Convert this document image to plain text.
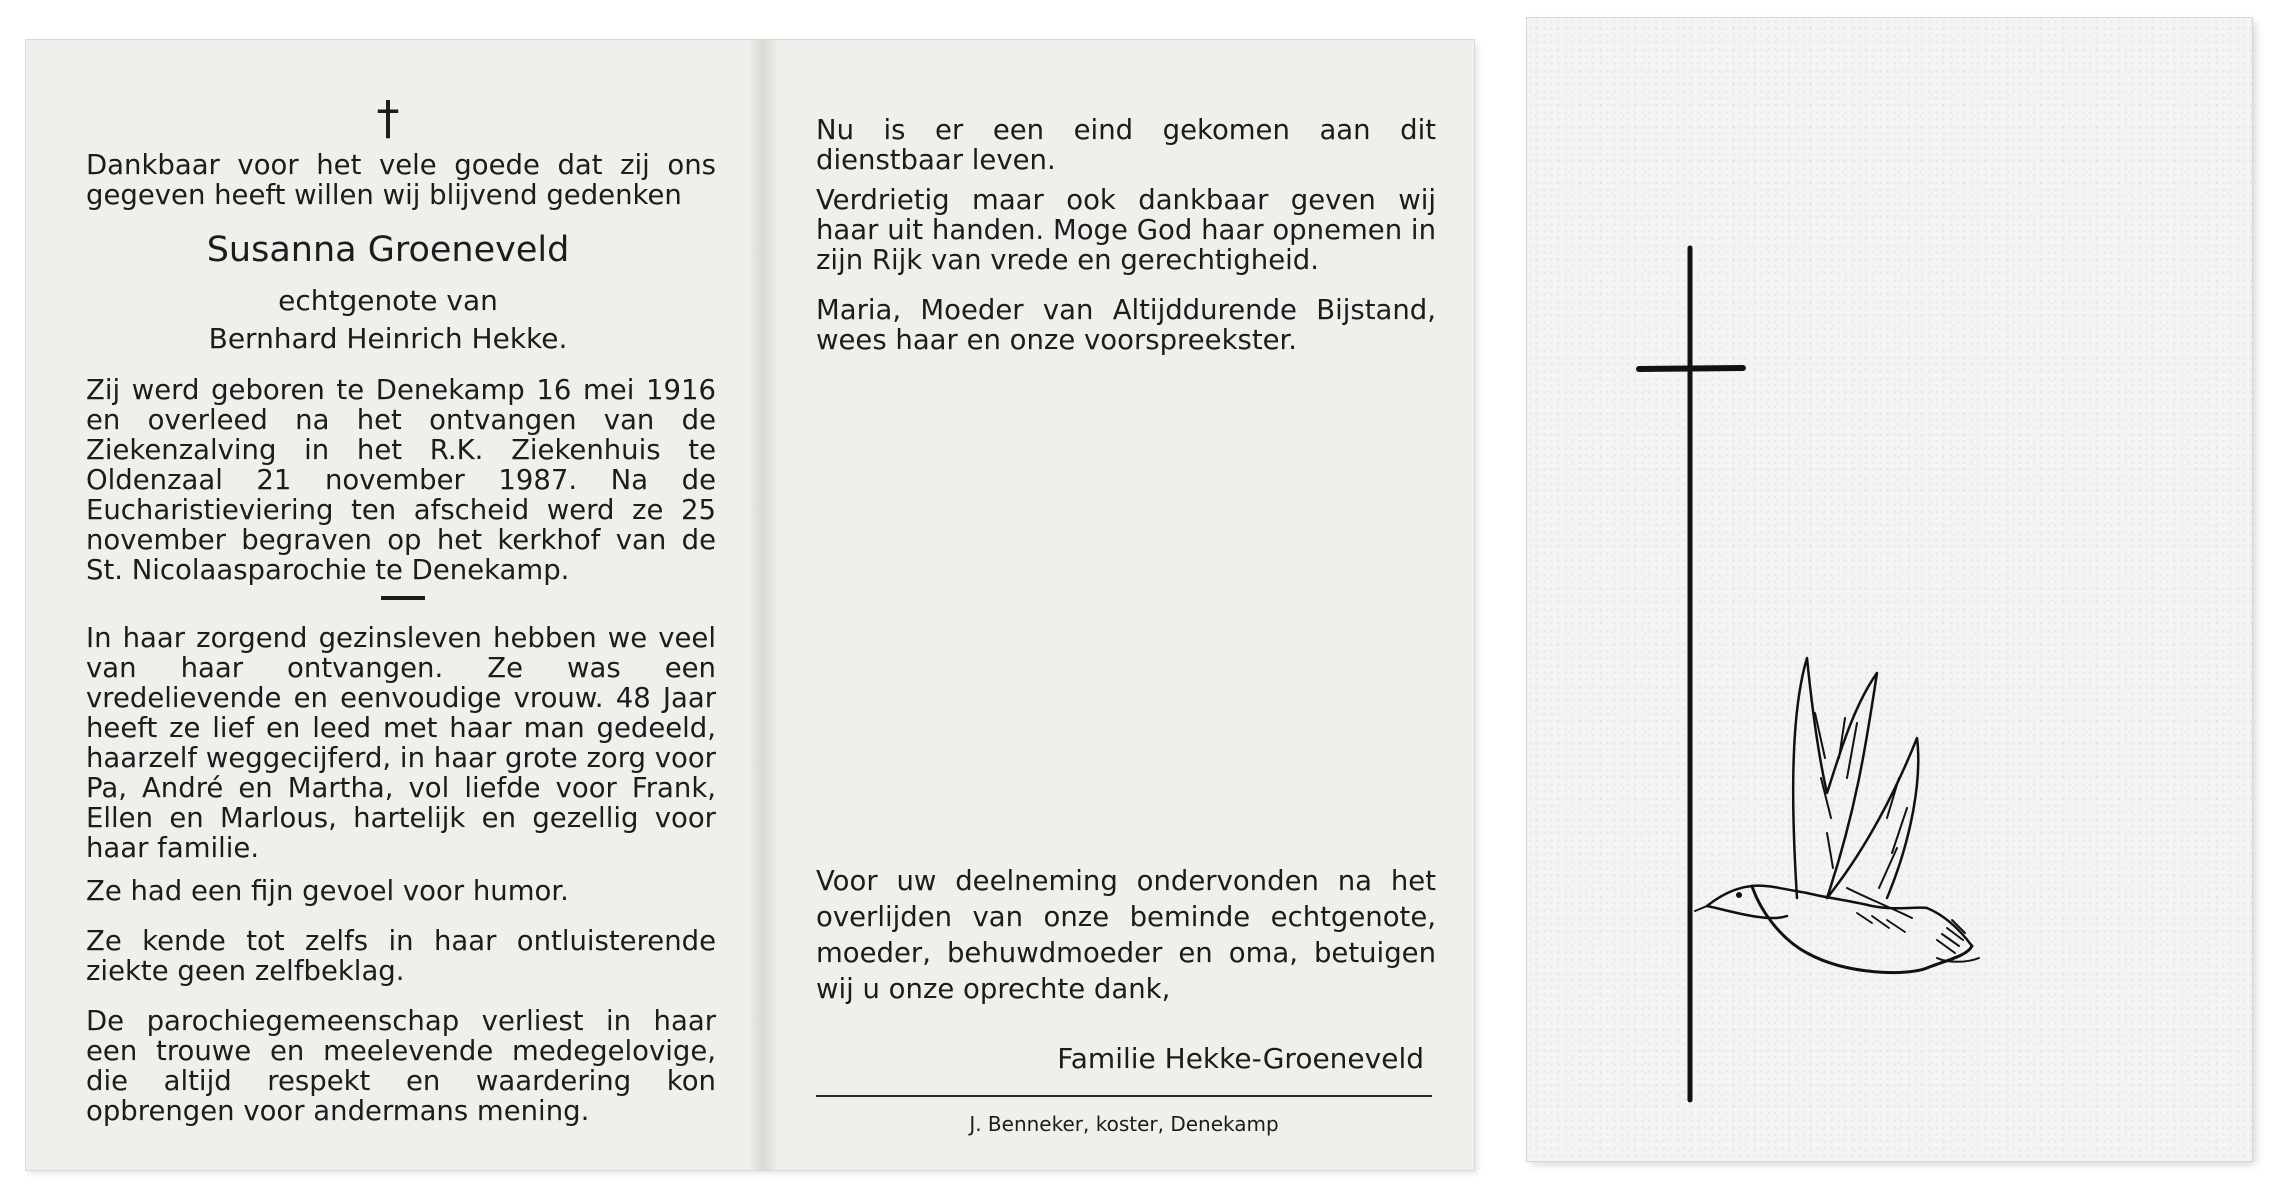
†
Dankbaar voor het vele goede dat zij ons gegeven heeft willen wij blijvend gedenken
Susanna Groeneveld
echtgenote van
Bernhard Heinrich Hekke.
Zij werd geboren te Denekamp 16 mei 1916 en overleed na het ontvangen van de Ziekenzalving in het R.K. Ziekenhuis te Oldenzaal 21 november 1987. Na de Eucharistieviering ten afscheid werd ze 25 november begraven op het kerkhof van de St. Nicolaasparochie te Denekamp.
In haar zorgend gezinsleven hebben we veel van haar ontvangen. Ze was een vredelievende en eenvoudige vrouw. 48 Jaar heeft ze lief en leed met haar man gedeeld, haarzelf weggecijferd, in haar grote zorg voor Pa, André en Martha, vol liefde voor Frank, Ellen en Marlous, hartelijk en gezellig voor haar familie.
Ze had een fijn gevoel voor humor.
Ze kende tot zelfs in haar ontluisterende ziekte geen zelfbeklag.
De parochiegemeenschap verliest in haar een trouwe en meelevende medegelovige, die altijd respekt en waardering kon opbrengen voor andermans mening.
Nu is er een eind gekomen aan dit dienstbaar leven.
Verdrietig maar ook dankbaar geven wij haar uit handen. Moge God haar opnemen in zijn Rijk van vrede en gerechtigheid.
Maria, Moeder van Altijddurende Bijstand, wees haar en onze voorspreekster.
Voor uw deelneming ondervonden na het overlijden van onze beminde echtgenote, moeder, behuwdmoeder en oma, betuigen wij u onze oprechte dank,
Familie Hekke-Groeneveld
J. Benneker, koster, Denekamp
